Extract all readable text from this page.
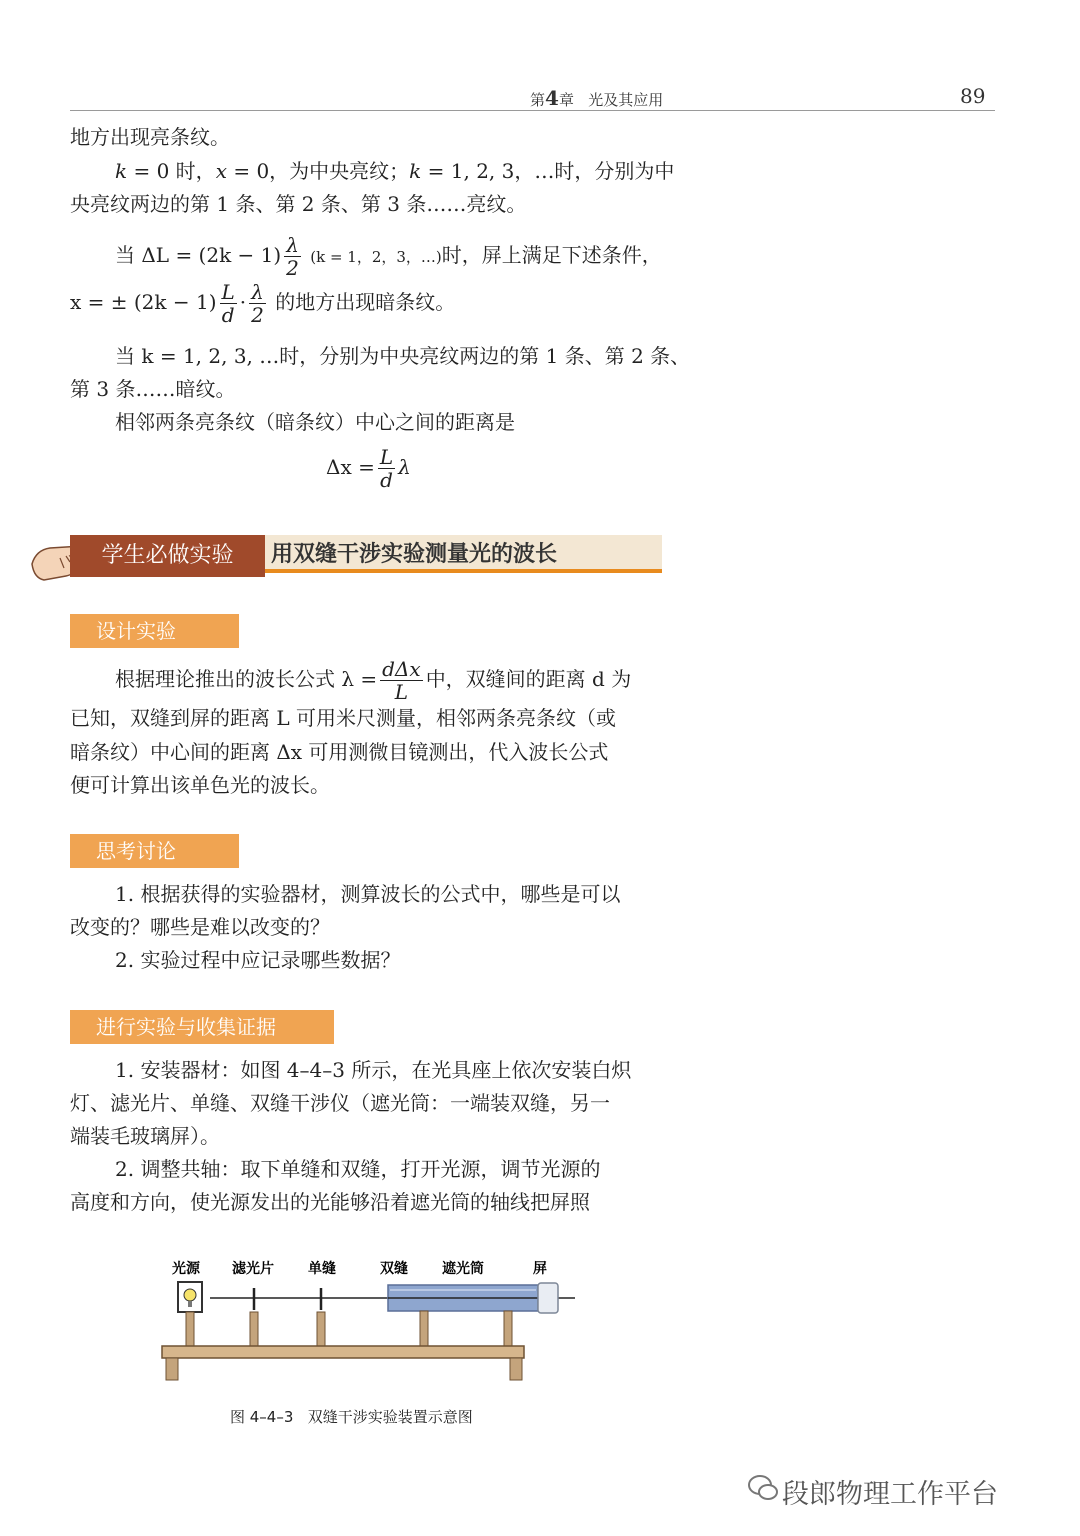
第4章 光及其应用	89
地方出现亮条纹。
k = 0 时，x = 0，为中央亮纹；k = 1, 2, 3，…时，分别为中
央亮纹两边的第 1 条、第 2 条、第 3 条……亮纹。
当 $\Delta L = (2k - 1) \frac{\lambda}{2} (k = 1$，2，3，…)时，屏上满足下述条件，
x = ± $(2k - 1) \frac{L}{d} \cdot \frac{\lambda}{2}$ 的地方出现暗条纹。
当 k = 1, 2, 3, …时，分别为中央亮纹两边的第 1 条、第 2 条、
第 3 条……暗纹。
相邻两条亮条纹（暗条纹）中心之间的距离是
$\Delta x = \frac{L}{d}$ λ
学生必做实验	用双缝干涉实验测量光的波长
设计实验
根据理论推出的波长公式 $\lambda = \frac{\text{dΔx}}{L}$ 中，双缝间的距离 d 为
已知，双缝到屏的距离 L 可用米尺测量，相邻两条亮条纹（或
暗条纹）中心间的距离 Δx 可用测微目镜测出，代入波长公式
便可计算出该单色光的波长。
思考讨论
1. 根据获得的实验器材，测算波长的公式中，哪些是可以
改变的？哪些是难以改变的？
2. 实验过程中应记录哪些数据？
进行实验与收集证据
1. 安装器材：如图 4–4–3 所示，在光具座上依次安装白炽
灯、滤光片、单缝、双缝干涉仪（遮光筒：一端装双缝，另一
端装毛玻璃屏）。
2. 调整共轴：取下单缝和双缝，打开光源，调节光源的
高度和方向，使光源发出的光能够沿着遮光筒的轴线把屏照
光源 滤光片 单缝	双缝 遮光筒	屏
图 4–4–3 双缝干涉实验装置示意图
段郎物理工作平台
